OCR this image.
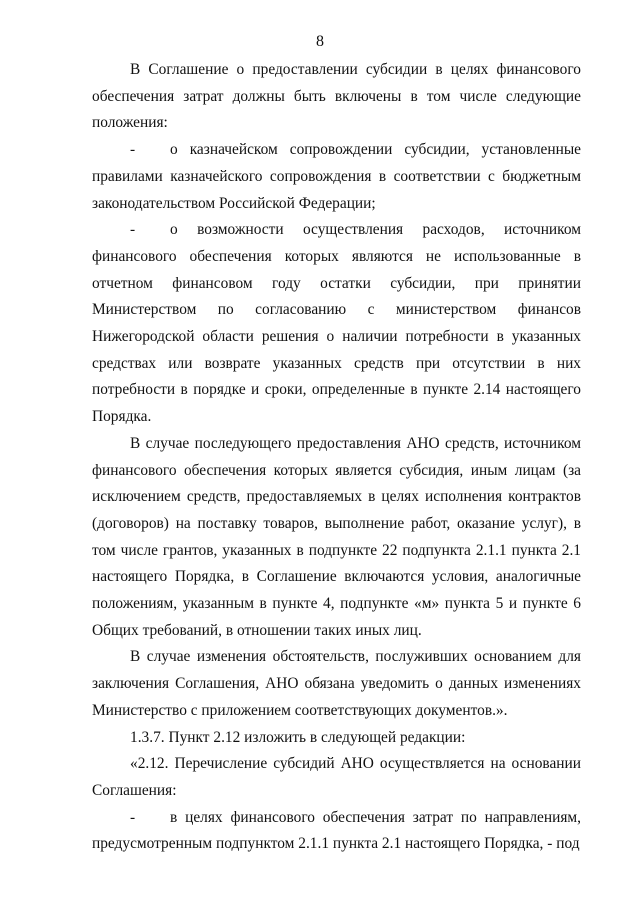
8

В Соглашение о предоставлении субсидии в целях финансового обеспечения затрат должны быть включены в том числе следующие положения:

- о казначейском сопровождении субсидии, установленные правилами казначейского сопровождения в соответствии с бюджетным законодательством Российской Федерации;

- о возможности осуществления расходов, источником финансового обеспечения которых являются не использованные в отчетном финансовом году остатки субсидии, при принятии Министерством по согласованию с министерством финансов Нижегородской области решения о наличии потребности в указанных средствах или возврате указанных средств при отсутствии в них потребности в порядке и сроки, определенные в пункте 2.14 настоящего Порядка.

В случае последующего предоставления АНО средств, источником финансового обеспечения которых является субсидия, иным лицам (за исключением средств, предоставляемых в целях исполнения контрактов (договоров) на поставку товаров, выполнение работ, оказание услуг), в том числе грантов, указанных в подпункте 22 подпункта 2.1.1 пункта 2.1 настоящего Порядка, в Соглашение включаются условия, аналогичные положениям, указанным в пункте 4, подпункте «м» пункта 5 и пункте 6 Общих требований, в отношении таких иных лиц.

В случае изменения обстоятельств, послуживших основанием для заключения Соглашения, АНО обязана уведомить о данных изменениях Министерство с приложением соответствующих документов.».

1.3.7. Пункт 2.12 изложить в следующей редакции:

«2.12. Перечисление субсидий АНО осуществляется на основании Соглашения:

- в целях финансового обеспечения затрат по направлениям, предусмотренным подпунктом 2.1.1 пункта 2.1 настоящего Порядка, - под
